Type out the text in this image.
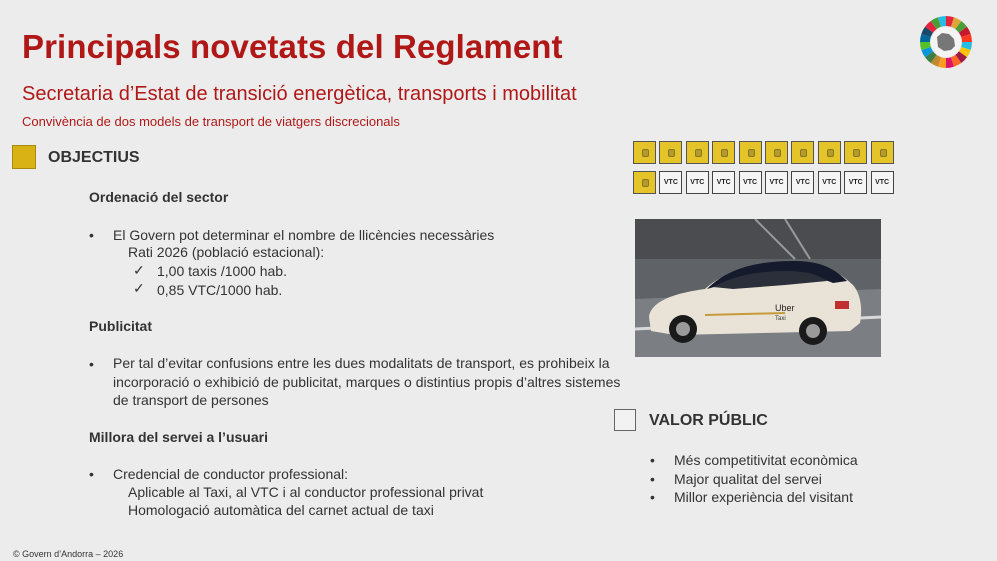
Principals novetats del Reglament
Secretaria d’Estat de transició energètica, transports i mobilitat
Convivència de dos models de transport de viatgers discrecionals
OBJECTIUS
Ordenació del sector
• El Govern pot determinar el nombre de llicències necessàries
Rati 2026 (població estacional):
✓ 1,00 taxis /1000 hab.
✓ 0,85 VTC/1000 hab.
Publicitat
• Per tal d’evitar confusions entre les dues modalitats de transport, es prohibeix la
incorporació o exhibició de publicitat, marques o distintius propis d’altres sistemes
de transport de persones
Millora del servei a l’usuari
• Credencial de conductor professional:
Aplicable al Taxi, al VTC i al conductor professional privat
Homologació automàtica del carnet actual de taxi
VTC	VTC	VTC	VTC	VTC	VTC	VTC	VTC	VTC
Uber
Taxi
VALOR PÚBLIC
• Més competitivitat econòmica
• Major qualitat del servei
• Millor experiència del visitant
© Govern d’Andorra – 2026
